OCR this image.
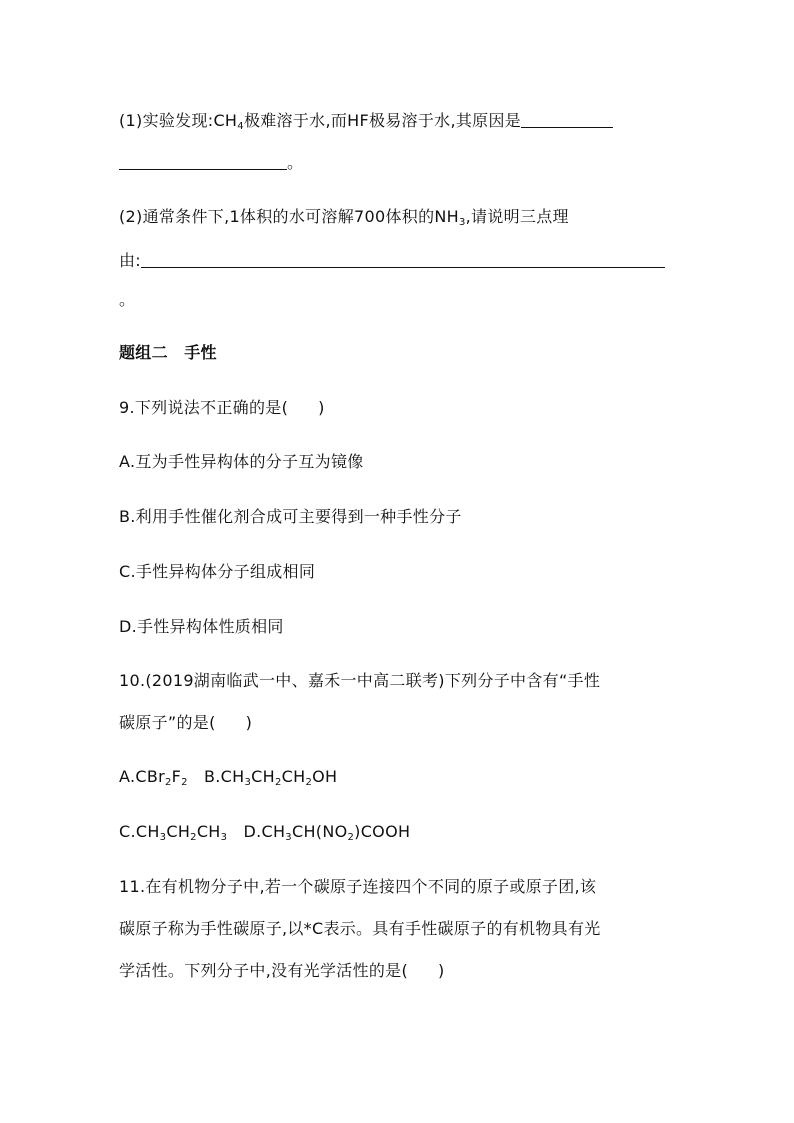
(1)实验发现$:CH_4$极难溶于水,而HF极易溶于水,其原因是
。
(2)通常条件下,1体积的水可溶解700体积的$NH_3$,请说明三点理
由:
。
题组二　手性
9.下列说法不正确的是( )
A.互为手性异构体的分子互为镜像
B.利用手性催化剂合成可主要得到一种手性分子
C.手性异构体分子组成相同
D.手性异构体性质相同
10.(2019湖南临武一中、嘉禾一中高二联考)下列分子中含有“手性
碳原子”的是( )
$A.CBr_2F_2$ $B.CH_3CH_2CH_2OH$
$C.CH_3CH_2CH_3$ $D.CH_3CH(NO_2)COOH$
11.在有机物分子中,若一个碳原子连接四个不同的原子或原子团,该
碳原子称为手性碳原子,以*C表示。具有手性碳原子的有机物具有光
学活性。下列分子中,没有光学活性的是( )
